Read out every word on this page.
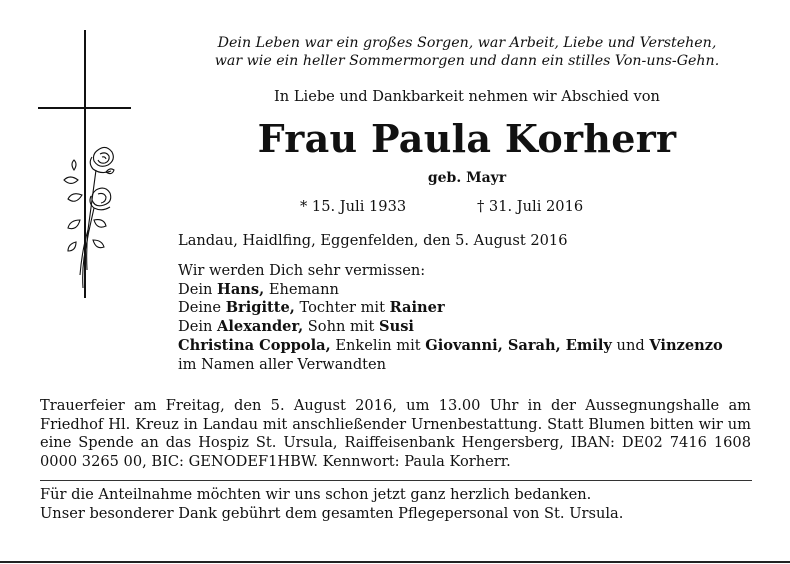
Dein Leben war ein großes Sorgen, war Arbeit, Liebe und Verstehen,
war wie ein heller Sommermorgen und dann ein stilles Von-uns-Gehn.
In Liebe und Dankbarkeit nehmen wir Abschied von
Frau Paula Korherr
geb. Mayr
* 15. Juli 1933	† 31. Juli 2016
Landau, Haidlfing, Eggenfelden, den 5. August 2016
Wir werden Dich sehr vermissen:
Dein Hans, Ehemann
Deine Brigitte, Tochter mit Rainer
Dein Alexander, Sohn mit Susi
Christina Coppola, Enkelin mit Giovanni, Sarah, Emily und Vinzenzo
im Namen aller Verwandten
Trauerfeier am Freitag, den 5. August 2016, um 13.00 Uhr in der Aussegnungshalle am Friedhof Hl. Kreuz in Landau mit anschließender Urnenbestattung. Statt Blumen bitten wir um eine Spende an das Hospiz St. Ursula, Raiffeisenbank Hengersberg, IBAN: DE02 7416 1608 0000 3265 00, BIC: GENODEF1HBW. Kennwort: Paula Korherr.
Für die Anteilnahme möchten wir uns schon jetzt ganz herzlich bedanken.
Unser besonderer Dank gebührt dem gesamten Pflegepersonal von St. Ursula.
